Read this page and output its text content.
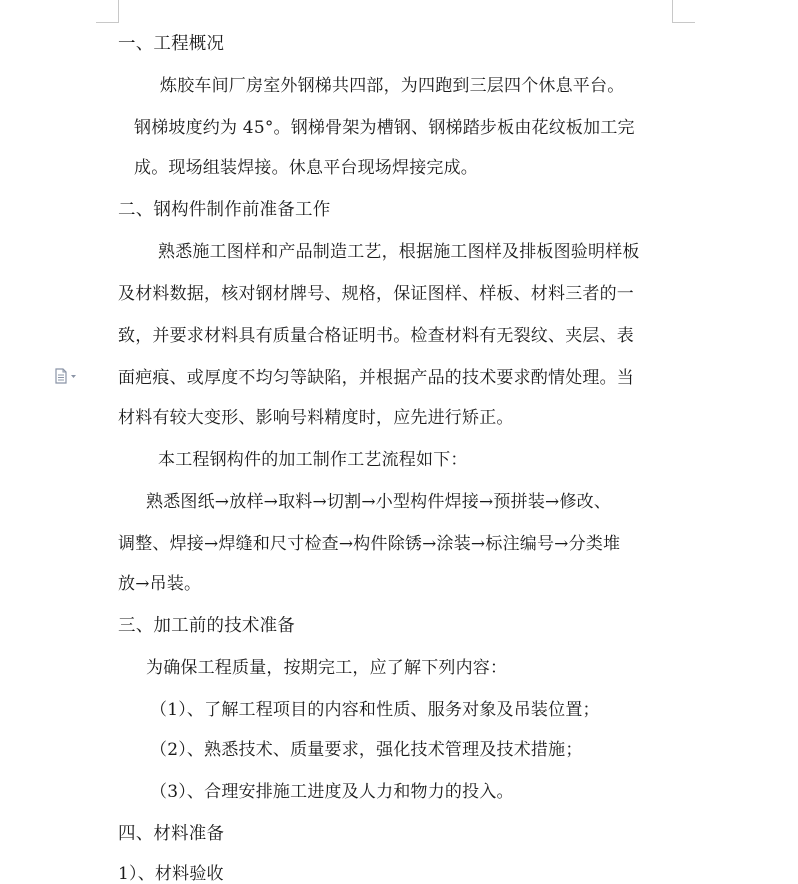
一、工程概况

炼胶车间厂房室外钢梯共四部，为四跑到三层四个休息平台。

钢梯坡度约为 45°。钢梯骨架为槽钢、钢梯踏步板由花纹板加工完

成。现场组装焊接。休息平台现场焊接完成。

二、钢构件制作前准备工作

熟悉施工图样和产品制造工艺，根据施工图样及排板图验明样板

及材料数据，核对钢材牌号、规格，保证图样、样板、材料三者的一

致，并要求材料具有质量合格证明书。检查材料有无裂纹、夹层、表

面疤痕、或厚度不均匀等缺陷，并根据产品的技术要求酌情处理。当

材料有较大变形、影响号料精度时，应先进行矫正。

本工程钢构件的加工制作工艺流程如下：

熟悉图纸→放样→取料→切割→小型构件焊接→预拼装→修改、

调整、焊接→焊缝和尺寸检查→构件除锈→涂装→标注编号→分类堆

放→吊装。

三、加工前的技术准备

为确保工程质量，按期完工，应了解下列内容：

（1）、了解工程项目的内容和性质、服务对象及吊装位置；

（2）、熟悉技术、质量要求，强化技术管理及技术措施；

（3）、合理安排施工进度及人力和物力的投入。

四、材料准备

1）、材料验收
